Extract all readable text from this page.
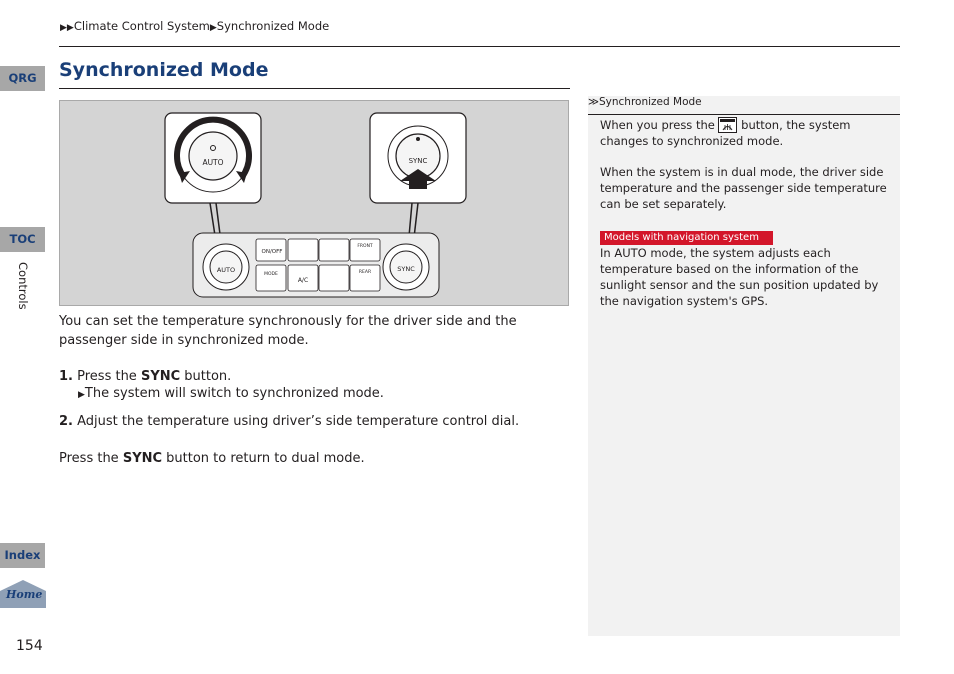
▶▶Climate Control System▶Synchronized Mode
Synchronized Mode
AUTO	SYNC
AUTO	SYNC
ON/OFF
FRONT
MODE
A/C
REAR
You can set the temperature synchronously for the driver side and the passenger side in synchronized mode.
1. Press the SYNC button.
▶The system will switch to synchronized mode.
2. Adjust the temperature using driver’s side temperature control dial.
Press the SYNC button to return to dual mode.
≫Synchronized Mode
When you press the  button, the system changes to synchronized mode.
When the system is in dual mode, the driver side temperature and the passenger side temperature can be set separately.
Models with navigation system
In AUTO mode, the system adjusts each temperature based on the information of the sunlight sensor and the sun position updated by the navigation system's GPS.
QRG
TOC
Controls
Index
Home
154
